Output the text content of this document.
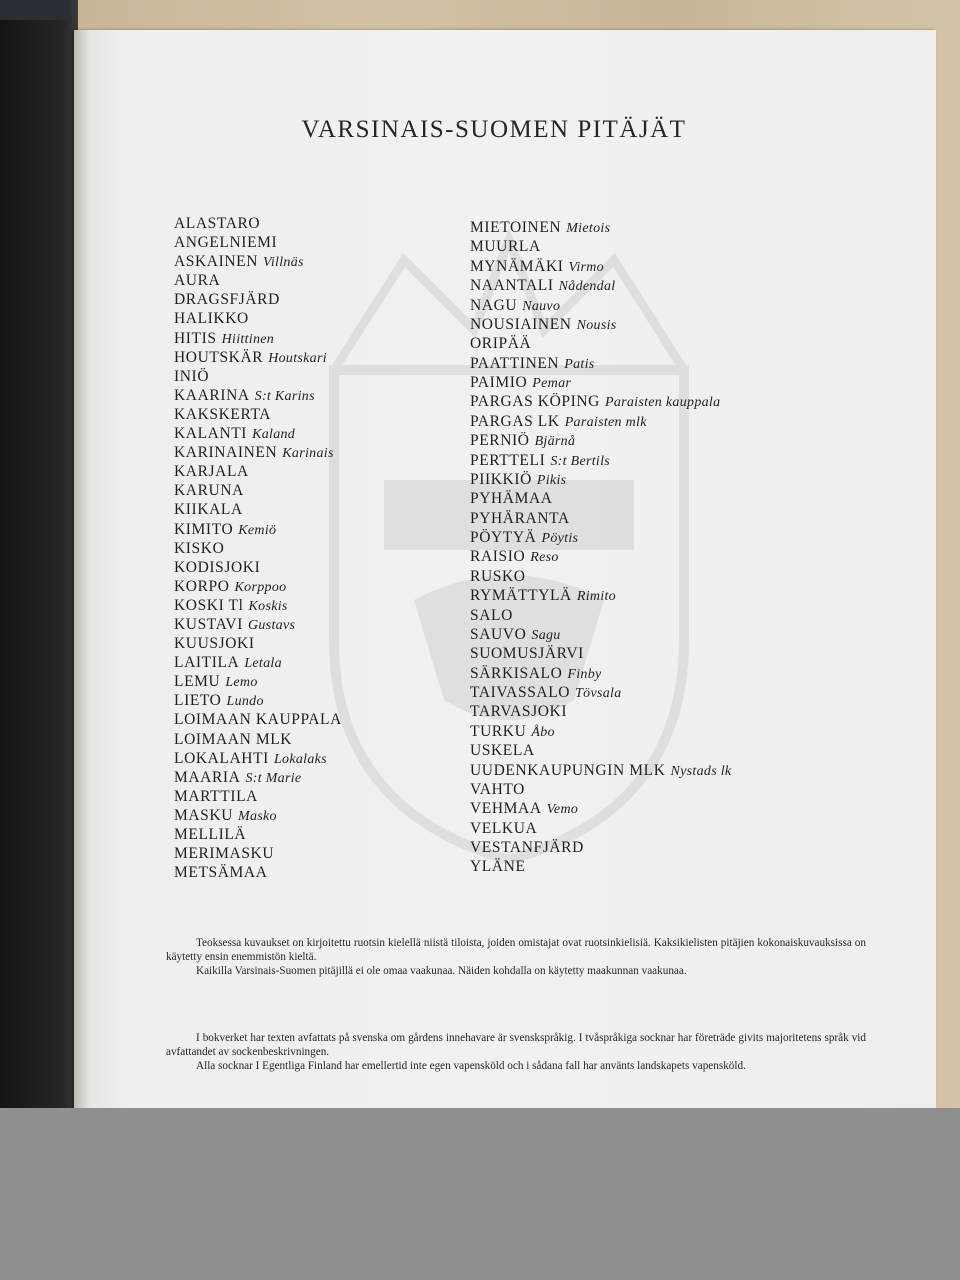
VARSINAIS-SUOMEN PITÄJÄT
ALASTARO
ANGELNIEMI
ASKAINEN Villnäs
AURA
DRAGSFJÄRD
HALIKKO
HITIS Hiittinen
HOUTSKÄR Houtskari
INIÖ
KAARINA S:t Karins
KAKSKERTA
KALANTI Kaland
KARINAINEN Karinais
KARJALA
KARUNA
KIIKALA
KIMITO Kemiö
KISKO
KODISJOKI
KORPO Korppoo
KOSKI Tl Koskis
KUSTAVI Gustavs
KUUSJOKI
LAITILA Letala
LEMU Lemo
LIETO Lundo
LOIMAAN KAUPPALA
LOIMAAN MLK
LOKALAHTI Lokalaks
MAARIA S:t Marie
MARTTILA
MASKU Masko
MELLILÄ
MERIMASKU
METSÄMAA
MIETOINEN Mietois
MUURLA
MYNÄMÄKI Virmo
NAANTALI Nådendal
NAGU Nauvo
NOUSIAINEN Nousis
ORIPÄÄ
PAATTINEN Patis
PAIMIO Pemar
PARGAS KÖPING Paraisten kauppala
PARGAS LK Paraisten mlk
PERNIÖ Bjärnå
PERTTELI S:t Bertils
PIIKKIÖ Pikis
PYHÄMAA
PYHÄRANTA
PÖYTYÄ Pöytis
RAISIO Reso
RUSKO
RYMÄTTYLÄ Rimito
SALO
SAUVO Sagu
SUOMUSJÄRVI
SÄRKISALO Finby
TAIVASSALO Tövsala
TARVASJOKI
TURKU Åbo
USKELA
UUDENKAUPUNGIN MLK Nystads lk
VAHTO
VEHMAA Vemo
VELKUA
VESTANFJÄRD
YLÄNE

Teoksessa kuvaukset on kirjoitettu ruotsin kielellä niistä tiloista, joiden omistajat ovat ruotsinkielisiä. Kaksikielisten pitäjien kokonaiskuvauksissa on käytetty ensin enemmistön kieltä.

Kaikilla Varsinais-Suomen pitäjillä ei ole omaa vaakunaa. Näiden kohdalla on käytetty maakunnan vaakunaa.

I bokverket har texten avfattats på svenska om gårdens innehavare är svenskspråkig. I tvåspråkiga socknar har företräde givits majoritetens språk vid avfattandet av sockenbeskrivningen.

Alla socknar I Egentliga Finland har emellertid inte egen vapensköld och i sådana fall har använts landskapets vapensköld.
